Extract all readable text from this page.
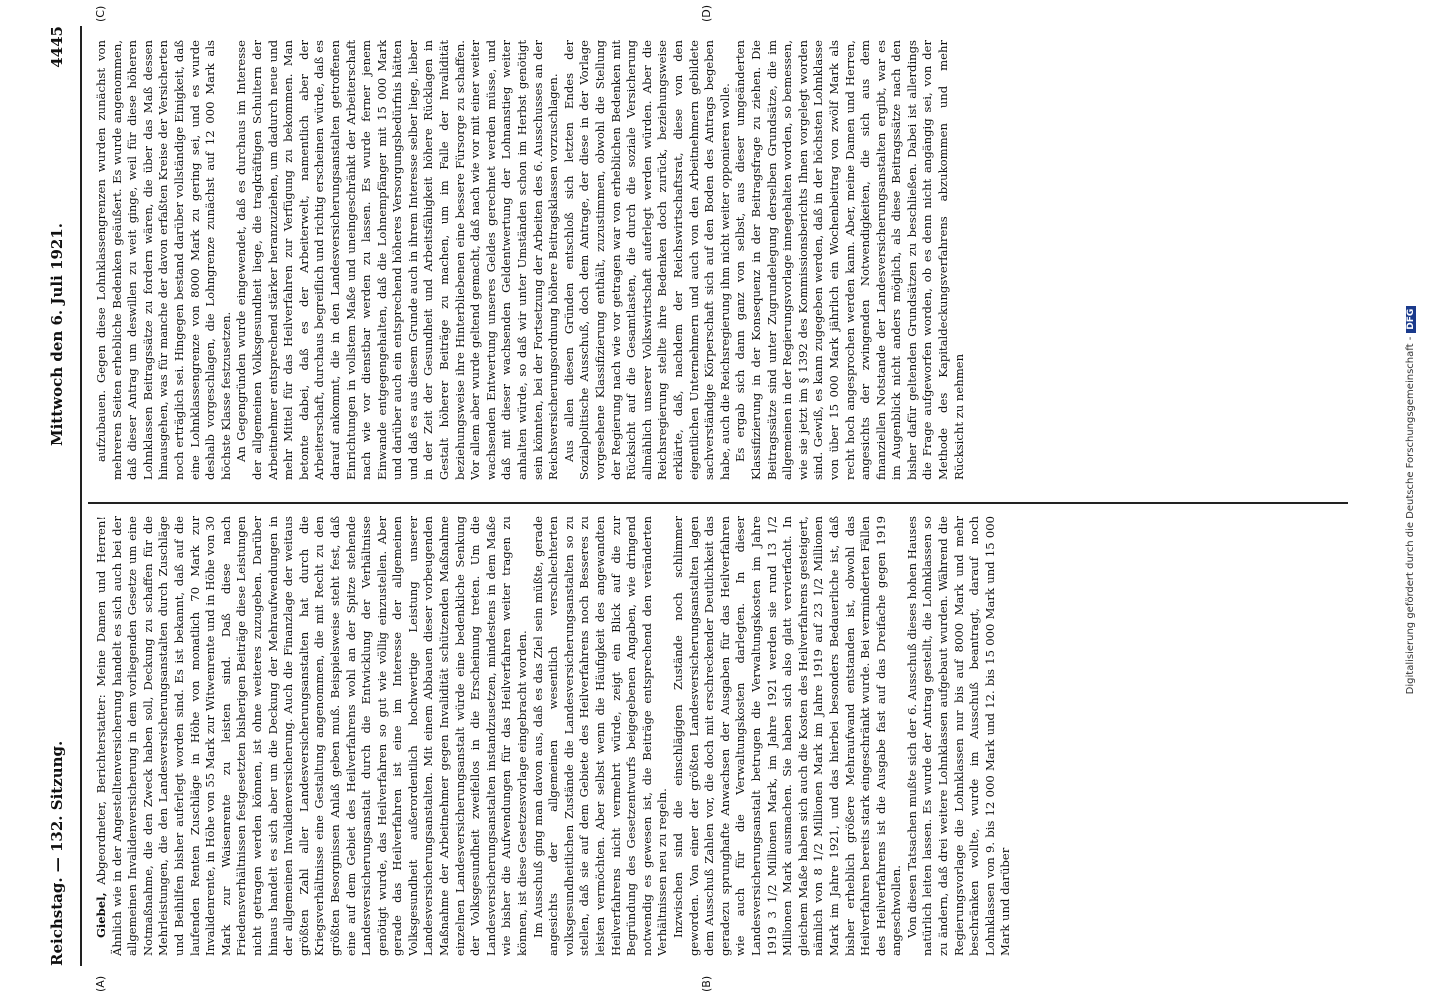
Reichstag. — 132. Sitzung.
Mittwoch den 6. Juli 1921.
4445
(A)	(B)
(C)	(D)

Giebel, Abgeordneter, Berichterstatter: Meine Damen und Herren! Ähnlich wie in der Angestelltenversicherung handelt es sich auch bei der allgemeinen Invalidenversicherung in dem vorliegenden Gesetze um eine Notmaßnahme, die den Zweck haben soll, Deckung zu schaffen für die Mehrleistungen, die den Landesversicherungsanstalten durch Zuschläge und Beihilfen bisher auferlegt worden sind. Es ist bekannt, daß auf die laufenden Renten Zuschläge in Höhe von monatlich 70 Mark zur Invalidenrente, in Höhe von 55 Mark zur Witwenrente und in Höhe von 30 Mark zur Waisenrente zu leisten sind. Daß diese nach Friedensverhältnissen festgesetzten bisherigen Beiträge diese Leistungen nicht getragen werden können, ist ohne weiteres zuzugeben. Darüber hinaus handelt es sich aber um die Deckung der Mehraufwendungen in der allgemeinen Invalidenversicherung. Auch die Finanzlage der weitaus größten Zahl aller Landesversicherungsanstalten hat durch die Kriegsverhältnisse eine Gestaltung angenommen, die mit Recht zu den größten Besorgnissen Anlaß geben muß. Beispielsweise steht fest, daß eine auf dem Gebiet des Heilverfahrens wohl an der Spitze stehende Landesversicherungsanstalt durch die Entwicklung der Verhältnisse genötigt wurde, das Heilverfahren so gut wie völlig einzustellen. Aber gerade das Heilverfahren ist eine im Interesse der allgemeinen Volksgesundheit außerordentlich hochwertige Leistung unserer Landesversicherungsanstalten. Mit einem Abbauen dieser vorbeugenden Maßnahme der Arbeitnehmer gegen Invalidität schützenden Maßnahme einzelnen Landesversicherungsanstalt würde eine bedenkliche Senkung der Volksgesundheit zweifellos in die Erscheinung treten. Um die Landesversicherungsanstalten instandzusetzen, mindestens in dem Maße wie bisher die Aufwendungen für das Heilverfahren weiter tragen zu können, ist diese Gesetzesvorlage eingebracht worden. Im Ausschuß ging man davon aus, daß es das Ziel sein müßte, gerade angesichts der allgemeinen wesentlich verschlechterten volksgesundheitlichen Zustände die Landesversicherungsanstalten so zu stellen, daß sie auf dem Gebiete des Heilverfahrens noch Besseres zu leisten vermöchten. Aber selbst wenn die Häufigkeit des angewandten Heilverfahrens nicht vermehrt würde, zeigt ein Blick auf die zur Begründung des Gesetzentwurfs beigegebenen Angaben, wie dringend notwendig es gewesen ist, die Beiträge entsprechend den veränderten Verhältnissen neu zu regeln. Inzwischen sind die einschlägigen Zustände noch schlimmer geworden. Von einer der größten Landesversicherungsanstalten lagen dem Ausschuß Zahlen vor, die doch mit erschreckender Deutlichkeit das geradezu sprunghafte Anwachsen der Ausgaben für das Heilverfahren wie auch für die Verwaltungskosten darlegten. In dieser Landesversicherungsanstalt betrugen die Verwaltungskosten im Jahre 1919 3 1/2 Millionen Mark, im Jahre 1921 werden sie rund 13 1/2 Millionen Mark ausmachen. Sie haben sich also glatt vervierfacht. In gleichem Maße haben sich auch die Kosten des Heilverfahrens gesteigert, nämlich von 8 1/2 Millionen Mark im Jahre 1919 auf 23 1/2 Millionen Mark im Jahre 1921, und das hierbei besonders Bedauerliche ist, daß bisher erheblich größere Mehraufwand entstanden ist, obwohl das Heilverfahren bereits stark eingeschränkt wurde. Bei verminderten Fällen des Heilverfahrens ist die Ausgabe fast auf das Dreifache gegen 1919 angeschwollen. Von diesen Tatsachen mußte sich der 6. Ausschuß dieses hohen Hauses natürlich leiten lassen. Es wurde der Antrag gestellt, die Lohnklassen so zu ändern, daß drei weitere Lohnklassen aufgebaut wurden. Während die Regierungsvorlage die Lohnklassen nur bis auf 8000 Mark und mehr beschränken wollte, wurde im Ausschuß beantragt, darauf noch Lohnklassen von 9. bis 12 000 Mark und 12. bis 15 000 Mark und 15 000 Mark und darüber

aufzubauen. Gegen diese Lohnklassengrenzen wurden zunächst von mehreren Seiten erhebliche Bedenken geäußert. Es wurde angenommen, daß dieser Antrag um deswillen zu weit ginge, weil für diese höheren Lohnklassen Beitragssätze zu fordern wären, die über das Maß dessen hinausgehen, was für manche der davon erfaßten Kreise der Versicherten noch erträglich sei. Hingegen bestand darüber vollständige Einigkeit, daß eine Lohnklassengrenze von 8000 Mark zu gering sei, und es wurde deshalb vorgeschlagen, die Lohngrenze zunächst auf 12 000 Mark als höchste Klasse festzusetzen. An Gegengründen wurde eingewendet, daß es durchaus im Interesse der allgemeinen Volksgesundheit liege, die tragkräftigen Schultern der Arbeitnehmer entsprechend stärker heranzuziehen, um dadurch neue und mehr Mittel für das Heilverfahren zur Verfügung zu bekommen. Man betonte dabei, daß es der Arbeiterwelt, namentlich aber der Arbeiterschaft, durchaus begreiflich und richtig erscheinen würde, daß es darauf ankommt, die in den Landesversicherungsanstalten getroffenen Einrichtungen in vollstem Maße und uneingeschränkt der Arbeiterschaft nach wie vor dienstbar werden zu lassen. Es wurde ferner jenem Einwande entgegengehalten, daß die Lohnempfänger mit 15 000 Mark und darüber auch ein entsprechend höheres Versorgungsbedürfnis hätten und daß es aus diesem Grunde auch in ihrem Interesse selber liege, lieber in der Zeit der Gesundheit und Arbeitsfähigkeit höhere Rücklagen in Gestalt höherer Beiträge zu machen, um im Falle der Invalidität beziehungsweise ihre Hinterbliebenen eine bessere Fürsorge zu schaffen. Vor allem aber wurde geltend gemacht, daß nach wie vor mit einer weiter wachsenden Entwertung unseres Geldes gerechnet werden müsse, und daß mit dieser wachsenden Geldentwertung der Lohnanstieg weiter anhalten würde, so daß wir unter Umständen schon im Herbst genötigt sein könnten, bei der Fortsetzung der Arbeiten des 6. Ausschusses an der Reichsversicherungsordnung höhere Beitragsklassen vorzuschlagen. Aus allen diesen Gründen entschloß sich letzten Endes der Sozialpolitische Ausschuß, doch dem Antrage, der diese in der Vorlage vorgesehene Klassifizierung enthält, zuzustimmen, obwohl die Stellung der Regierung nach wie vor getragen war von erheblichen Bedenken mit Rücksicht auf die Gesamtlasten, die durch die soziale Versicherung allmählich unserer Volkswirtschaft auferlegt werden würden. Aber die Reichsregierung stellte ihre Bedenken doch zurück, beziehungsweise erklärte, daß, nachdem der Reichswirtschaftsrat, diese von den eigentlichen Unternehmern und auch von den Arbeitnehmern gebildete sachverständige Körperschaft sich auf den Boden des Antrags begeben habe, auch die Reichsregierung ihm nicht weiter opponieren wolle. Es ergab sich dann ganz von selbst, aus dieser umgeänderten Klassifizierung in der Konsequenz in der Beitragsfrage zu ziehen. Die Beitragssätze sind unter Zugrundelegung derselben Grundsätze, die im allgemeinen in der Regierungsvorlage innegehalten worden, so bemessen, wie sie jetzt im § 1392 des Kommissionsberichts Ihnen vorgelegt worden sind. Gewiß, es kann zugegeben werden, daß in der höchsten Lohnklasse von über 15 000 Mark jährlich ein Wochenbeitrag von zwölf Mark als recht hoch angesprochen werden kann. Aber, meine Damen und Herren, angesichts der zwingenden Notwendigkeiten, die sich aus dem finanziellen Notstande der Landesversicherungsanstalten ergibt, war es im Augenblick nicht anders möglich, als diese Beitragssätze nach den bisher dafür geltenden Grundsätzen zu beschließen. Dabei ist allerdings die Frage aufgeworfen worden, ob es denn nicht angängig sei, von der Methode des Kapitaldeckungsverfahrens abzukommen und mehr Rücksicht zu nehmen	Digitalisierung gefördert durch die Deutsche Forschungsgemeinschaft -DFG
